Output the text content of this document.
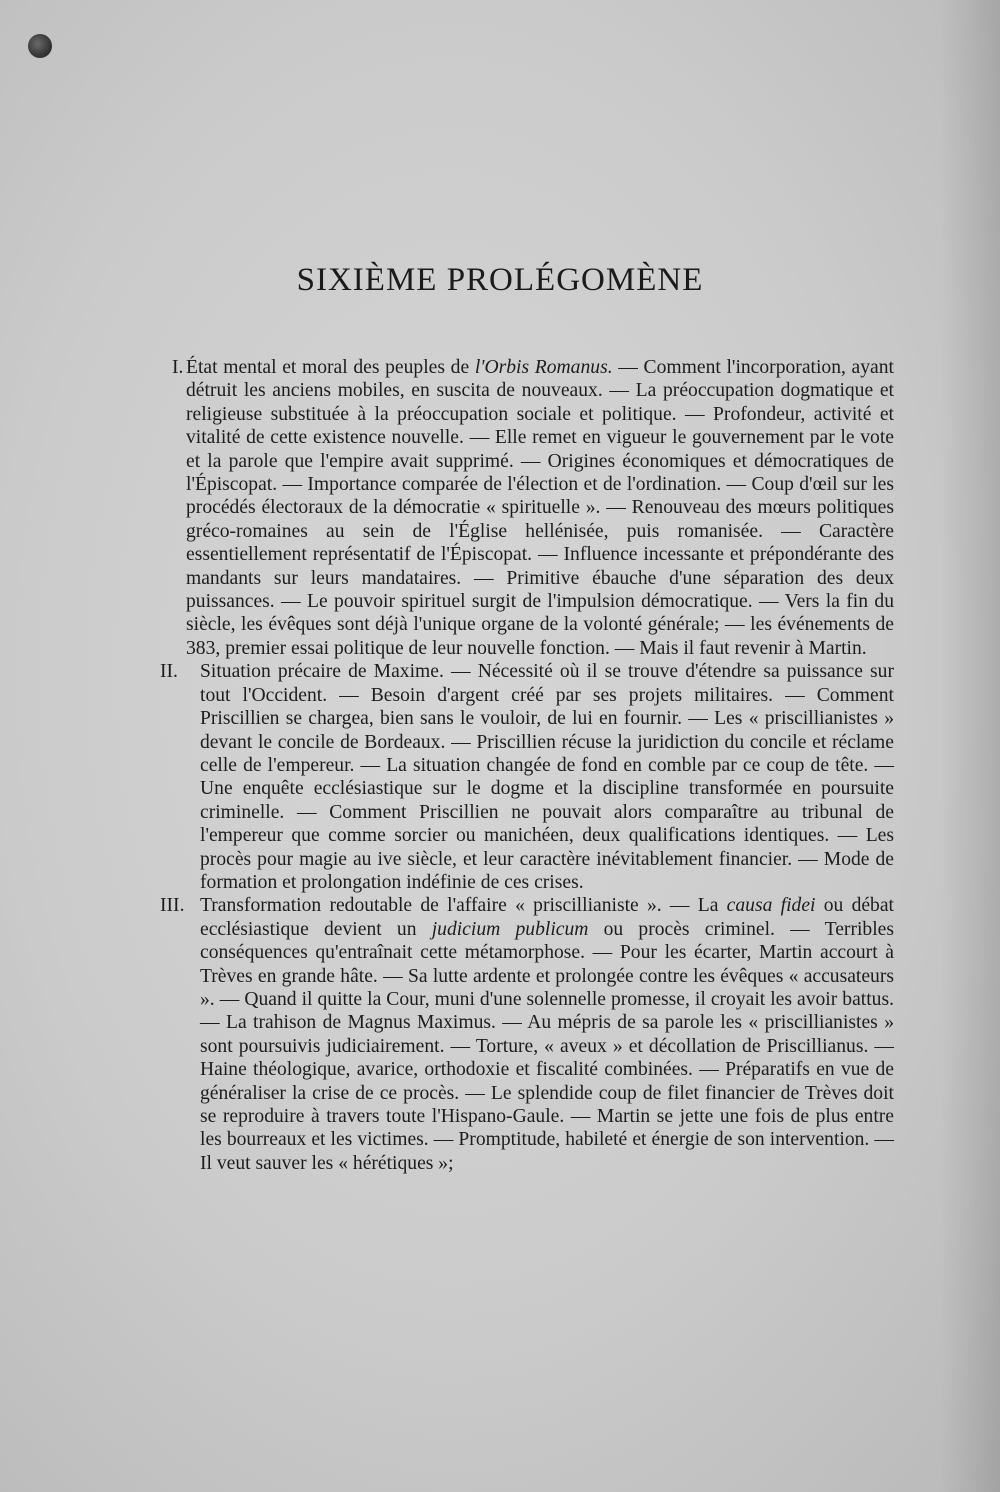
SIXIÈME PROLÉGOMÈNE

I. État mental et moral des peuples de l'Orbis Romanus. — Comment l'incorporation, ayant détruit les anciens mobiles, en suscita de nouveaux. — La préoccupation dogmatique et religieuse substituée à la préoccupation sociale et politique. — Profondeur, activité et vitalité de cette existence nouvelle. — Elle remet en vigueur le gouvernement par le vote et la parole que l'empire avait supprimé. — Origines économiques et démocratiques de l'Épiscopat. — Importance comparée de l'élection et de l'ordination. — Coup d'œil sur les procédés électoraux de la démocratie « spirituelle ». — Renouveau des mœurs politiques gréco-romaines au sein de l'Église hellénisée, puis romanisée. — Caractère essentiellement représentatif de l'Épiscopat. — Influence incessante et prépondérante des mandants sur leurs mandataires. — Primitive ébauche d'une séparation des deux puissances. — Le pouvoir spirituel surgit de l'impulsion démocratique. — Vers la fin du siècle, les évêques sont déjà l'unique organe de la volonté générale; — les événements de 383, premier essai politique de leur nouvelle fonction. — Mais il faut revenir à Martin.

II. Situation précaire de Maxime. — Nécessité où il se trouve d'étendre sa puissance sur tout l'Occident. — Besoin d'argent créé par ses projets militaires. — Comment Priscillien se chargea, bien sans le vouloir, de lui en fournir. — Les « priscillianistes » devant le concile de Bordeaux. — Priscillien récuse la juridiction du concile et réclame celle de l'empereur. — La situation changée de fond en comble par ce coup de tête. — Une enquête ecclésiastique sur le dogme et la discipline transformée en poursuite criminelle. — Comment Priscillien ne pouvait alors comparaître au tribunal de l'empereur que comme sorcier ou manichéen, deux qualifications identiques. — Les procès pour magie au ive siècle, et leur caractère inévitablement financier. — Mode de formation et prolongation indéfinie de ces crises.

III. Transformation redoutable de l'affaire « priscillianiste ». — La causa fidei ou débat ecclésiastique devient un judicium publicum ou procès criminel. — Terribles conséquences qu'entraînait cette métamorphose. — Pour les écarter, Martin accourt à Trèves en grande hâte. — Sa lutte ardente et prolongée contre les évêques « accusateurs ». — Quand il quitte la Cour, muni d'une solennelle promesse, il croyait les avoir battus. — La trahison de Magnus Maximus. — Au mépris de sa parole les « priscillianistes » sont poursuivis judiciairement. — Torture, « aveux » et décollation de Priscillianus. — Haine théologique, avarice, orthodoxie et fiscalité combinées. — Préparatifs en vue de généraliser la crise de ce procès. — Le splendide coup de filet financier de Trèves doit se reproduire à travers toute l'Hispano-Gaule. — Martin se jette une fois de plus entre les bourreaux et les victimes. — Promptitude, habileté et énergie de son intervention. — Il veut sauver les « hérétiques »;
